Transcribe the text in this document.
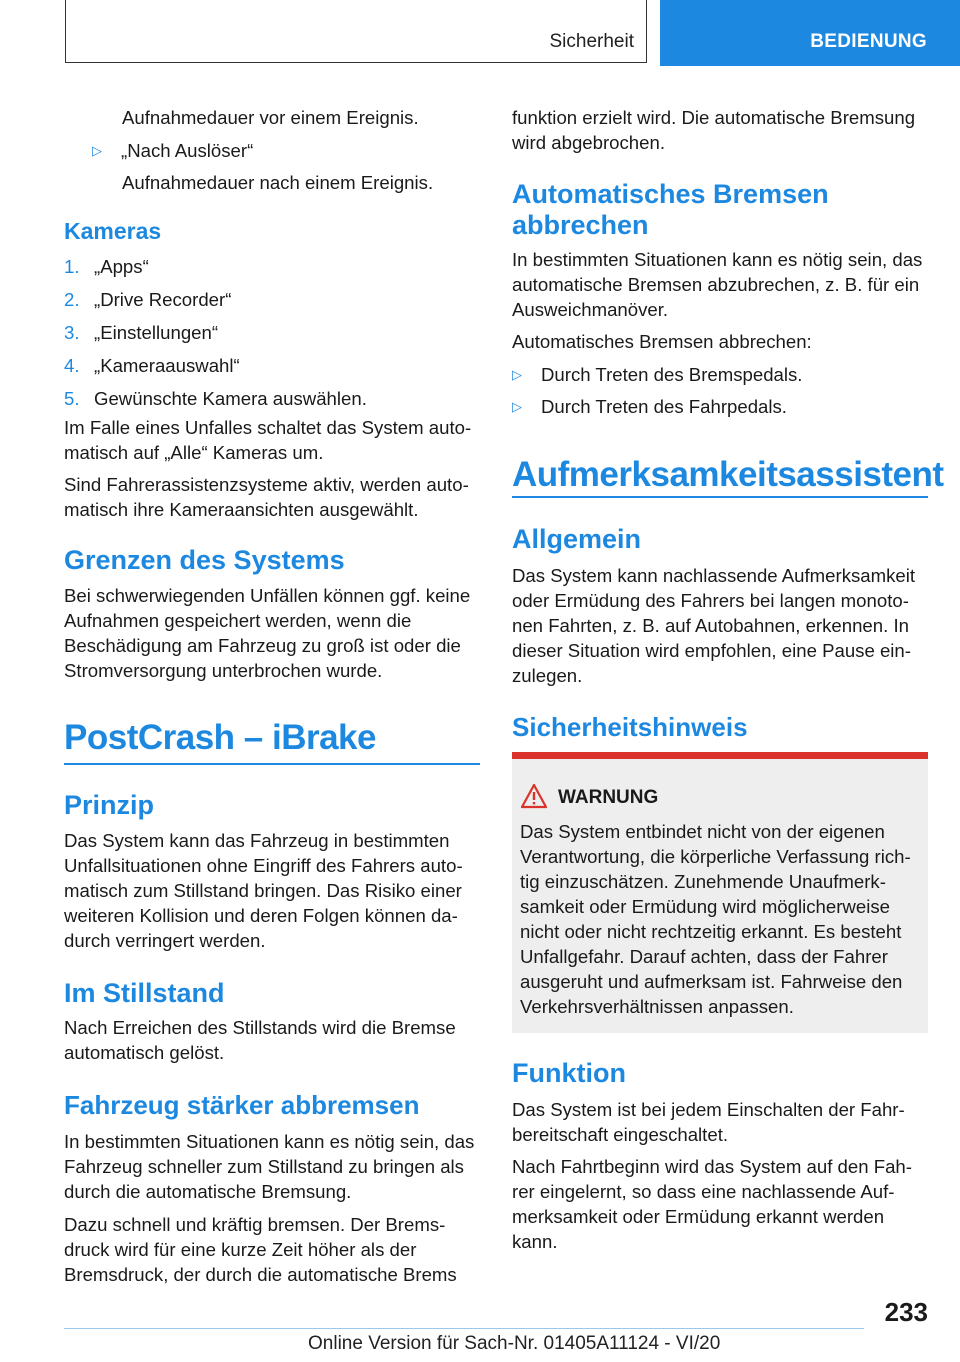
Sicherheit	BEDIENUNG

Aufnahmedauer vor einem Ereignis.

▷	„Nach Auslöser“

Aufnahmedauer nach einem Ereignis.

Kameras
1. „Apps“
2. „Drive Recorder“
3. „Einstellungen“
4. „Kameraauswahl“
5. Gewünschte Kamera auswählen.

Im Falle eines Unfalles schaltet das System automatisch auf „Alle“ Kameras um.

Sind Fahrerassistenzsysteme aktiv, werden automatisch ihre Kameraansichten ausgewählt.

Grenzen des Systems

Bei schwerwiegenden Unfällen können ggf. keine Aufnahmen gespeichert werden, wenn die Beschädigung am Fahrzeug zu groß ist oder die Stromversorgung unterbrochen wurde.

PostCrash – iBrake
Prinzip

Das System kann das Fahrzeug in bestimmten Unfallsituationen ohne Eingriff des Fahrers automatisch zum Stillstand bringen. Das Risiko einer weiteren Kollision und deren Folgen können dadurch verringert werden.

Im Stillstand

Nach Erreichen des Stillstands wird die Bremse automatisch gelöst.

Fahrzeug stärker abbremsen

In bestimmten Situationen kann es nötig sein, das Fahrzeug schneller zum Stillstand zu bringen als durch die automatische Bremsung.

Dazu schnell und kräftig bremsen. Der Bremsdruck wird für eine kurze Zeit höher als der Bremsdruck, der durch die automatische Brems

funktion erzielt wird. Die automatische Bremsung wird abgebrochen.

Automatisches Bremsen abbrechen

In bestimmten Situationen kann es nötig sein, das automatische Bremsen abzubrechen, z. B. für ein Ausweichmanöver.

Automatisches Bremsen abbrechen:

▷	Durch Treten des Bremspedals.
▷	Durch Treten des Fahrpedals.
Aufmerksamkeitsassistent
Allgemein

Das System kann nachlassende Aufmerksamkeit oder Ermüdung des Fahrers bei langen monotonen Fahrten, z. B. auf Autobahnen, erkennen. In dieser Situation wird empfohlen, eine Pause einzulegen.

Sicherheitshinweis
WARNUNG

Das System entbindet nicht von der eigenen Verantwortung, die körperliche Verfassung richtig einzuschätzen. Zunehmende Unaufmerksamkeit oder Ermüdung wird möglicherweise nicht oder nicht rechtzeitig erkannt. Es besteht Unfallgefahr. Darauf achten, dass der Fahrer ausgeruht und aufmerksam ist. Fahrweise den Verkehrsverhältnissen anpassen.

Funktion

Das System ist bei jedem Einschalten der Fahrbereitschaft eingeschaltet.

Nach Fahrtbeginn wird das System auf den Fahrer eingelernt, so dass eine nachlassende Aufmerksamkeit oder Ermüdung erkannt werden kann.

233
Online Version für Sach-Nr. 01405A11124 - VI/20
